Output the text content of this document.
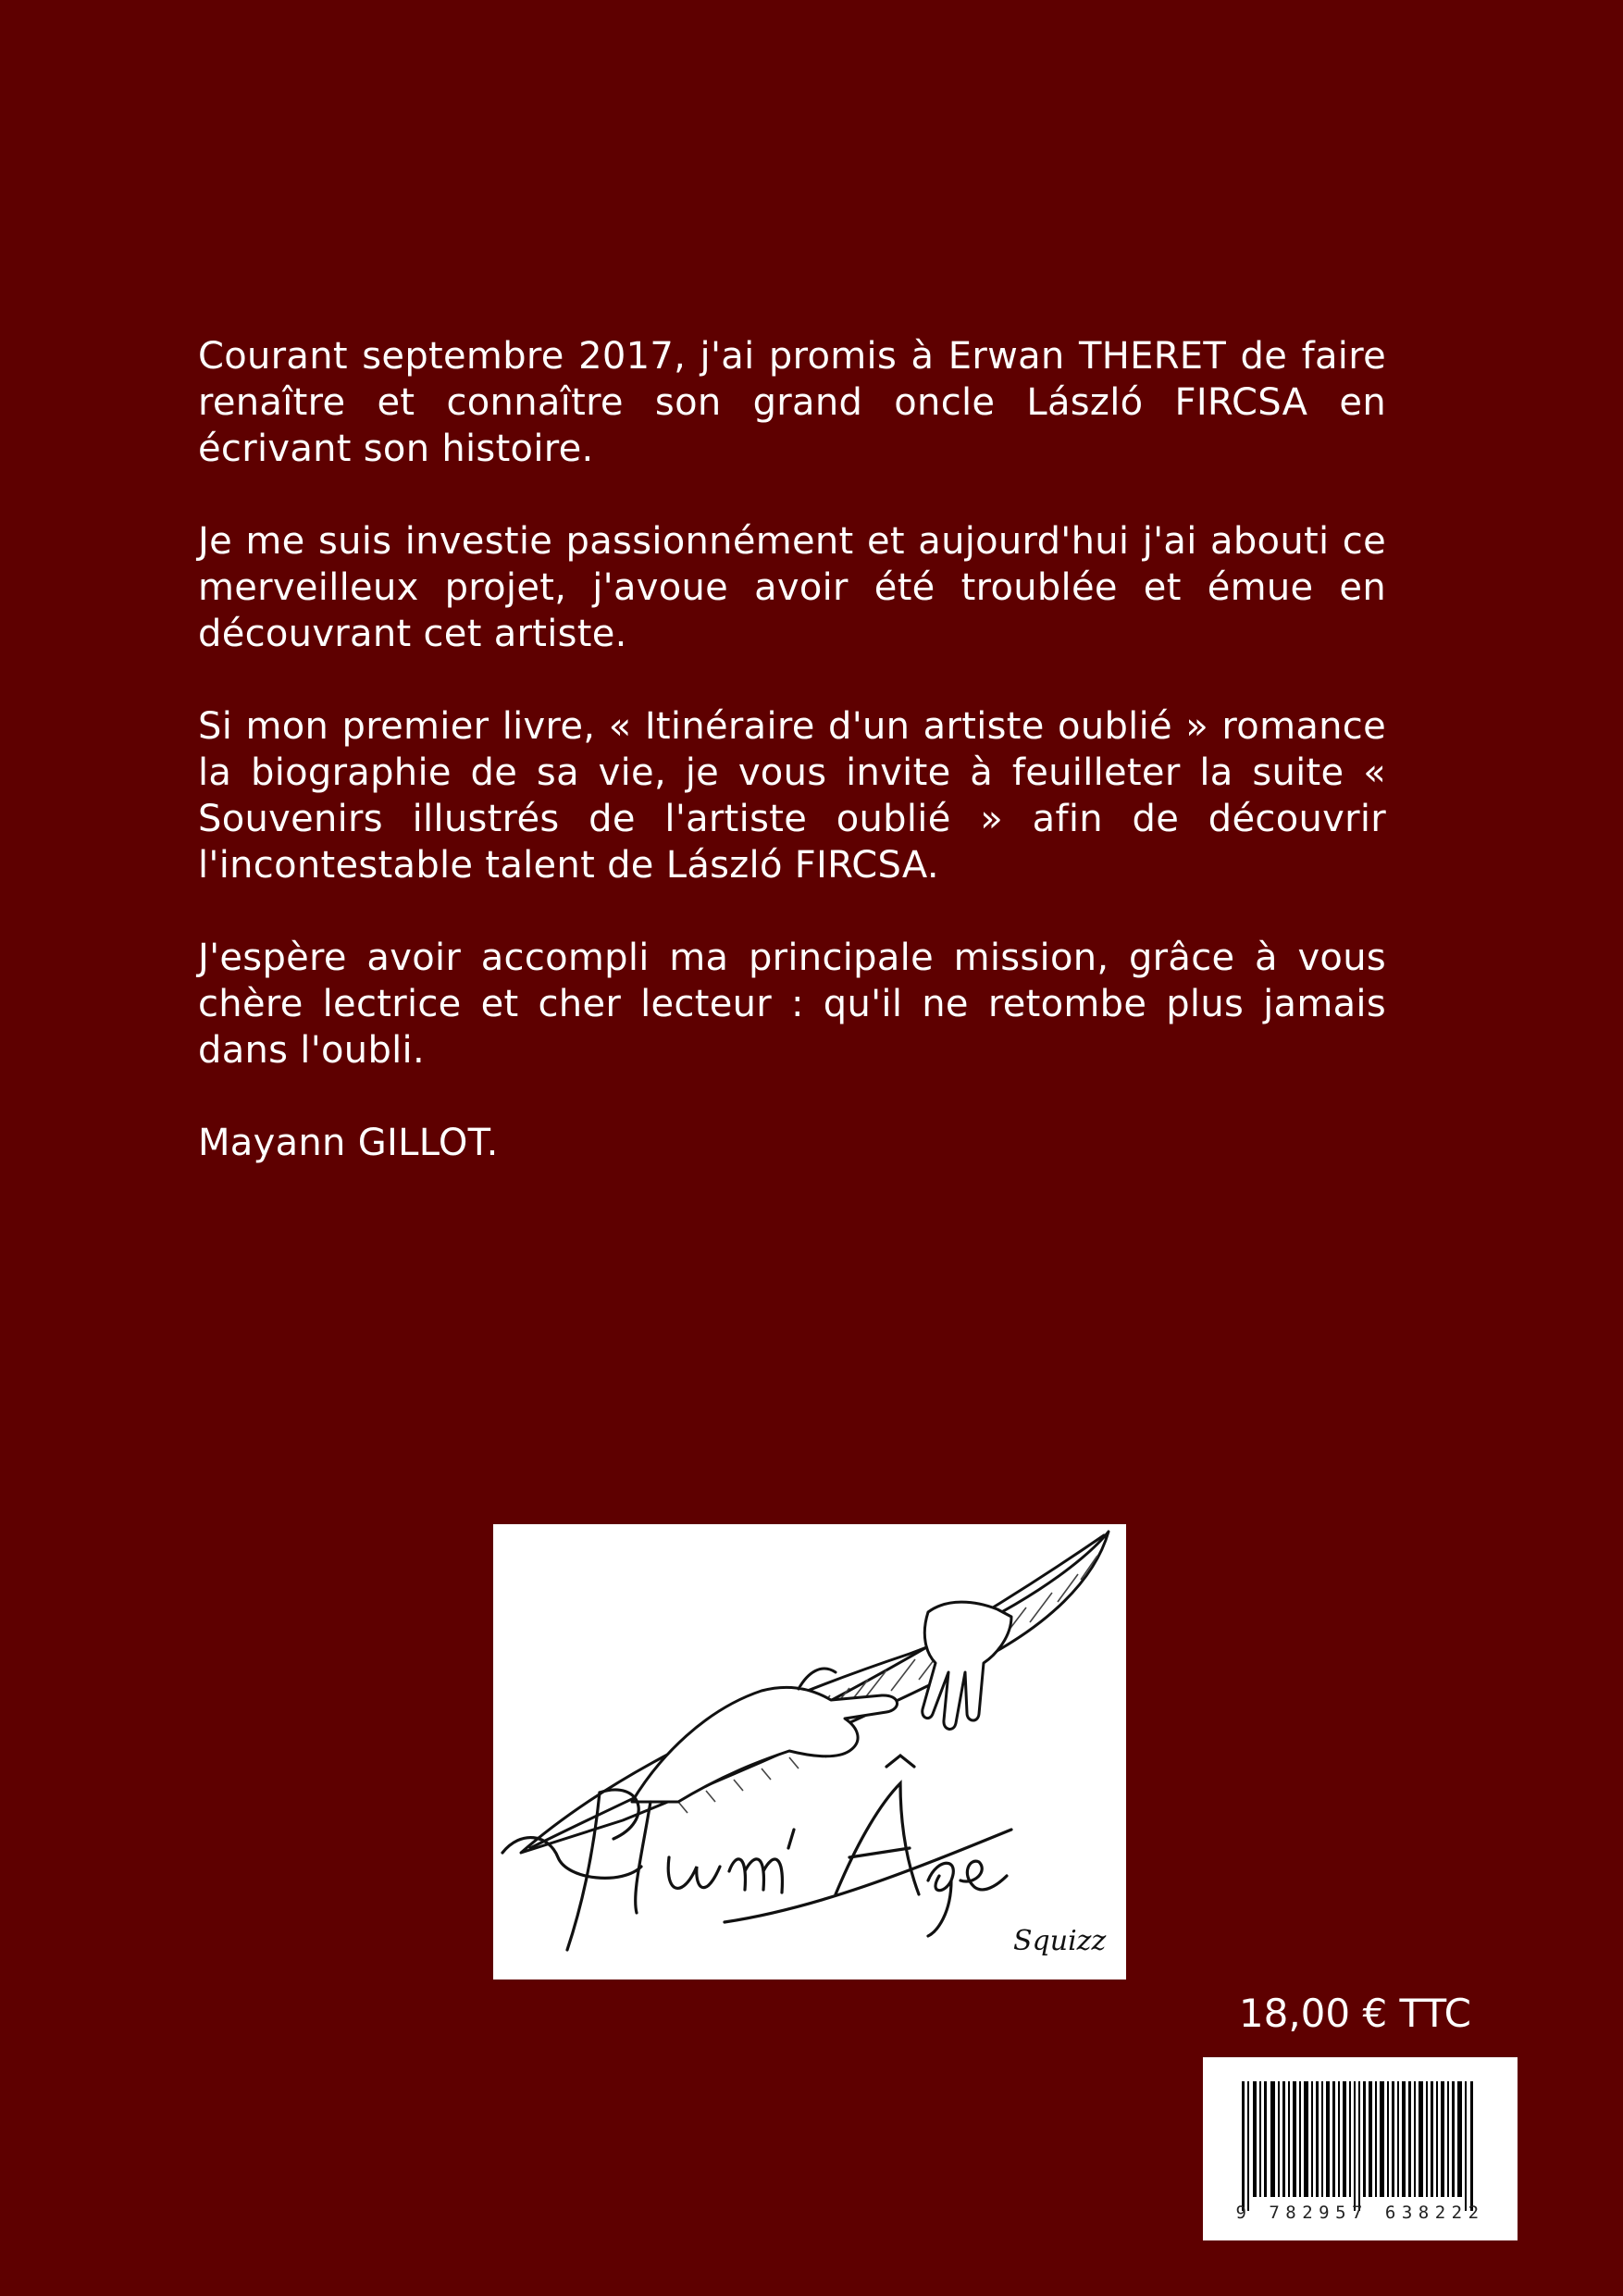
Courant septembre 2017, j'ai promis à Erwan THERET de faire renaître et connaître son grand oncle László FIRCSA en écrivant son histoire.

Je me suis investie passionnément et aujourd'hui j'ai abouti ce merveilleux projet, j'avoue avoir été troublée et émue en découvrant cet artiste.

Si mon premier livre, « Itinéraire d'un artiste oublié » romance la biographie de sa vie, je vous invite à feuilleter la suite « Souvenirs illustrés de l'artiste oublié » afin de découvrir l'incontestable talent de László FIRCSA.

J'espère avoir accompli ma principale mission, grâce à vous chère lectrice et cher lecteur : qu'il ne retombe plus jamais dans l'oubli.

Mayann GILLOT.

Squizz
18,00 € TTC
9 782957 638222
